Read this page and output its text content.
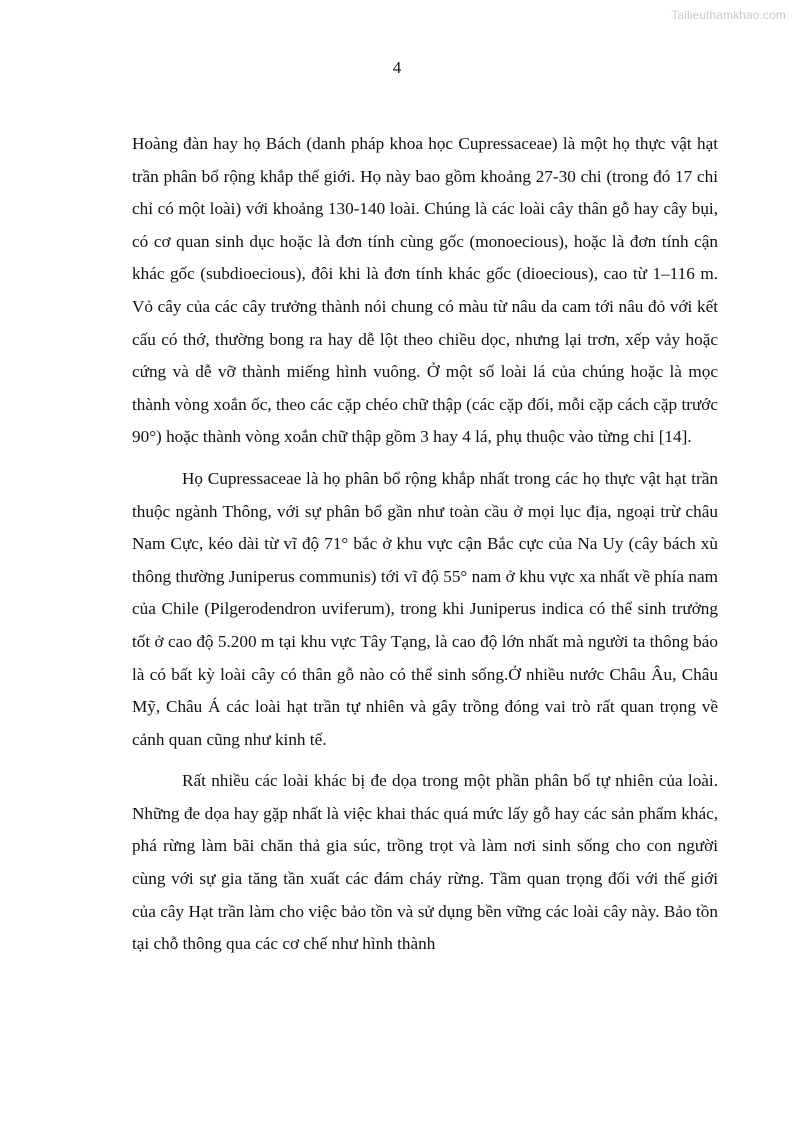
Tailieuthamkhao.com
4

Hoàng đàn hay họ Bách (danh pháp khoa học Cupressaceae) là một họ thực vật hạt trần phân bổ rộng khắp thế giới. Họ này bao gồm khoảng 27-30 chi (trong đó 17 chi chỉ có một loài) với khoảng 130-140 loài. Chúng là các loài cây thân gỗ hay cây bụi, có cơ quan sinh dục hoặc là đơn tính cùng gốc (monoecious), hoặc là đơn tính cận khác gốc (subdioecious), đôi khi là đơn tính khác gốc (dioecious), cao từ 1–116 m. Vỏ cây của các cây trưởng thành nói chung có màu từ nâu da cam tới nâu đỏ với kết cấu có thớ, thường bong ra hay dễ lột theo chiều dọc, nhưng lại trơn, xếp vảy hoặc cứng và dễ vỡ thành miếng hình vuông. Ở một số loài lá của chúng hoặc là mọc thành vòng xoắn ốc, theo các cặp chéo chữ thập (các cặp đối, mỗi cặp cách cặp trước 90°) hoặc thành vòng xoắn chữ thập gồm 3 hay 4 lá, phụ thuộc vào từng chi [14].

Họ Cupressaceae là họ phân bổ rộng khắp nhất trong các họ thực vật hạt trần thuộc ngành Thông, với sự phân bổ gần như toàn cầu ở mọi lục địa, ngoại trừ châu Nam Cực, kéo dài từ vĩ độ 71° bắc ở khu vực cận Bắc cực của Na Uy (cây bách xù thông thường Juniperus communis) tới vĩ độ 55° nam ở khu vực xa nhất về phía nam của Chile (Pilgerodendron uviferum), trong khi Juniperus indica có thể sinh trưởng tốt ở cao độ 5.200 m tại khu vực Tây Tạng, là cao độ lớn nhất mà người ta thông báo là có bất kỳ loài cây có thân gỗ nào có thể sinh sống.Ở nhiều nước Châu Âu, Châu Mỹ, Châu Á các loài hạt trần tự nhiên và gây trồng đóng vai trò rất quan trọng về cảnh quan cũng như kinh tế.

Rất nhiều các loài khác bị đe dọa trong một phần phân bố tự nhiên của loài. Những đe dọa hay gặp nhất là việc khai thác quá mức lấy gỗ hay các sản phẩm khác, phá rừng làm bãi chăn thả gia súc, trồng trọt và làm nơi sinh sống cho con người cùng với sự gia tăng tần xuất các đám cháy rừng. Tầm quan trọng đối với thế giới của cây Hạt trần làm cho việc bảo tồn và sử dụng bền vững các loài cây này. Bảo tồn tại chỗ thông qua các cơ chế như hình thành
